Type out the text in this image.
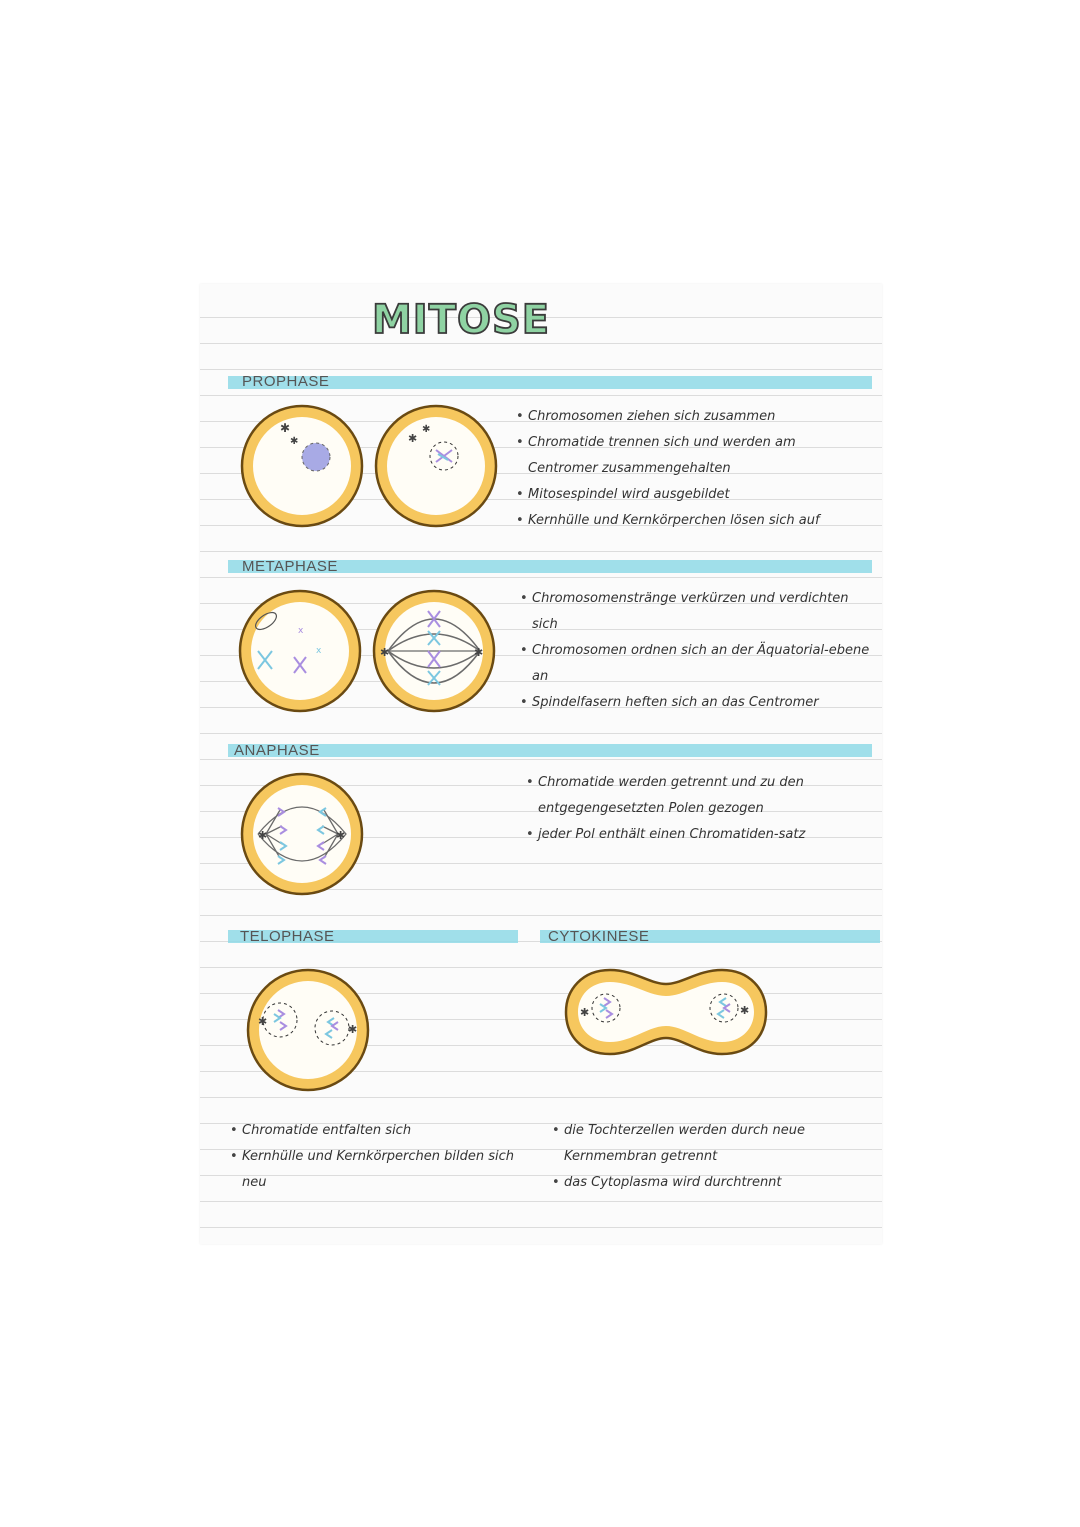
MITOSE
PROPHASE
✱
✱	✱
✱
• Chromosomen ziehen sich zusammen
• Chromatide trennen sich und werden am Centromer zusammengehalten
• Mitosespindel wird ausgebildet
• Kernhülle und Kernkörperchen lösen sich auf
METAPHASE
x
x	✱	✱
• Chromosomenstränge verkürzen und verdichten sich
• Chromosomen ordnen sich an der Äquatorial-ebene an
• Spindelfasern heften sich an das Centromer
ANAPHASE
✱	✱
• Chromatide werden getrennt und zu den entgegengesetzten Polen gezogen
• jeder Pol enthält einen Chromatiden-satz
TELOPHASE
✱
✱
• Chromatide entfalten sich
• Kernhülle und Kernkörperchen bilden sich neu
CYTOKINESE
✱	✱
• die Tochterzellen werden durch neue Kernmembran getrennt
• das Cytoplasma wird durchtrennt
